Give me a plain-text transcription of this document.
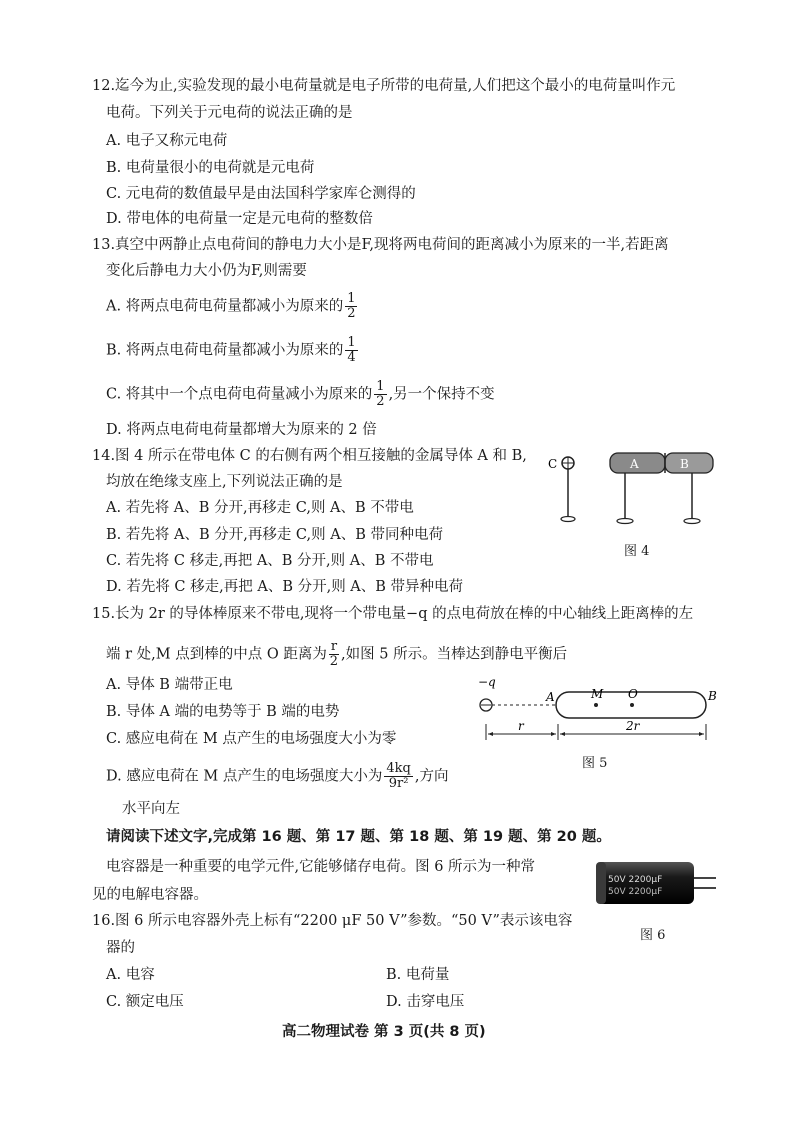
12.迄今为止,实验发现的最小电荷量就是电子所带的电荷量,人们把这个最小的电荷量叫作元
电荷。下列关于元电荷的说法正确的是
A. 电子又称元电荷
B. 电荷量很小的电荷就是元电荷
C. 元电荷的数值最早是由法国科学家库仑测得的
D. 带电体的电荷量一定是元电荷的整数倍
13.真空中两静止点电荷间的静电力大小是F,现将两电荷间的距离减小为原来的一半,若距离
变化后静电力大小仍为F,则需要
A. 将两点电荷电荷量都减小为原来的 $\frac{1}{2}$
B. 将两点电荷电荷量都减小为原来的 $\frac{1}{4}$
C. 将其中一个点电荷电荷量减小为原来的 $\frac{1}{2}$ ,另一个保持不变
D. 将两点电荷电荷量都增大为原来的 2 倍
14.图 4 所示在带电体 C 的右侧有两个相互接触的金属导体 A 和 B,
均放在绝缘支座上,下列说法正确的是
A. 若先将 A、B 分开,再移走 C,则 A、B 不带电
B. 若先将 A、B 分开,再移走 C,则 A、B 带同种电荷
C. 若先将 C 移走,再把 A、B 分开,则 A、B 不带电
D. 若先将 C 移走,再把 A、B 分开,则 A、B 带异种电荷
C	A	B
图 4
15.长为 2r 的导体棒原来不带电,现将一个带电量−q 的点电荷放在棒的中心轴线上距离棒的左
端 r 处,M 点到棒的中点 O 距离为 $\frac{r}{2}$ ,如图 5 所示。当棒达到静电平衡后
A. 导体 B 端带正电
B. 导体 A 端的电势等于 B 端的电势
C. 感应电荷在 M 点产生的电场强度大小为零
D. 感应电荷在 M 点产生的电场强度大小为 $\frac{4kq}{\text{9r²}}$ ,方向
水平向左
−q
A	M O	B
r	2r
图 5
请阅读下述文字,完成第 16 题、第 17 题、第 18 题、第 19 题、第 20 题。
电容器是一种重要的电学元件,它能够储存电荷。图 6 所示为一种常
见的电解电容器。
50V 2200μF
50V 2200μF
图 6
16.图 6 所示电容器外壳上标有“2200 μF 50 V”参数。“50 V”表示该电容
器的
A. 电容	B. 电荷量
C. 额定电压	D. 击穿电压
高二物理试卷 第 3 页(共 8 页)
